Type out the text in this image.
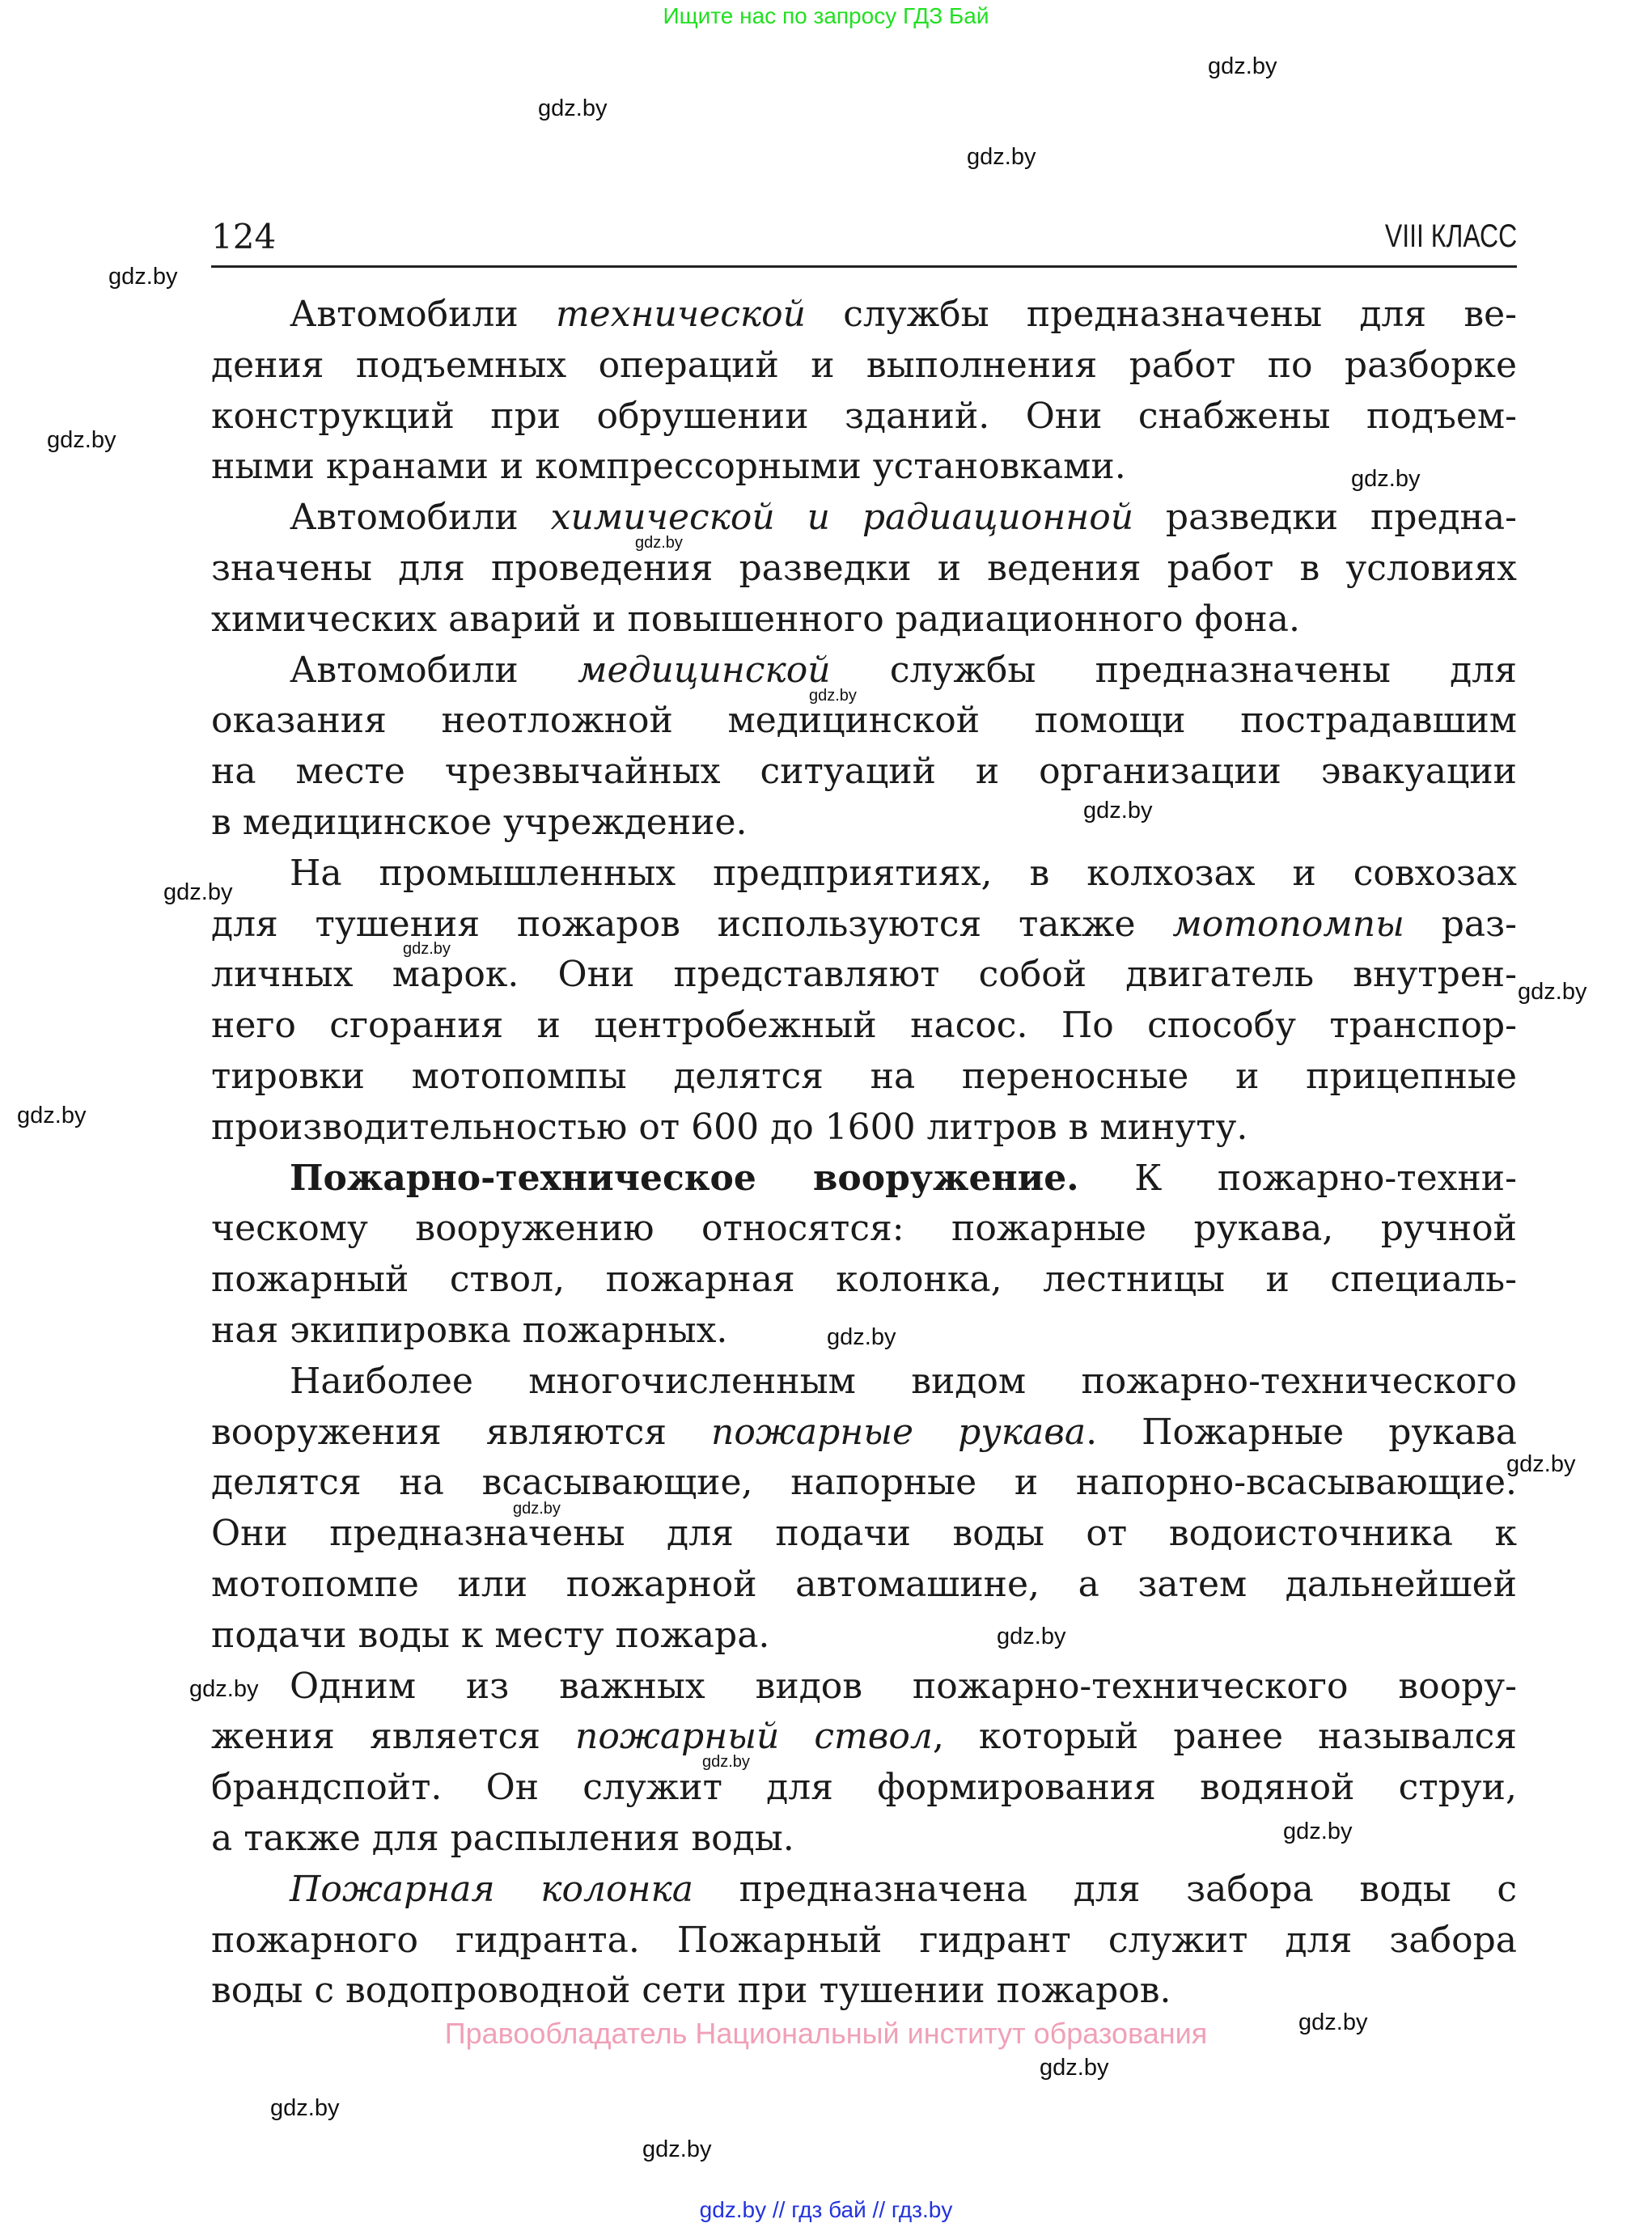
Ищите нас по запросу ГДЗ Бай
124	VIII КЛАСС
Автомобили технической службы предназначены для ве-
дения подъемных операций и выполнения работ по разборке
конструкций при обрушении зданий. Они снабжены подъем-
ными кранами и компрессорными установками.
Автомобили химической и радиационной разведки предна-
значены для проведения разведки и ведения работ в условиях
химических аварий и повышенного радиационного фона.
Автомобили медицинской службы предназначены для
оказания неотложной медицинской помощи пострадавшим
на месте чрезвычайных ситуаций и организации эвакуации
в медицинское учреждение.
На промышленных предприятиях, в колхозах и совхозах
для тушения пожаров используются также мотопомпы раз-
личных марок. Они представляют собой двигатель внутрен-
него сгорания и центробежный насос. По способу транспор-
тировки мотопомпы делятся на переносные и прицепные
производительностью от 600 до 1600 литров в минуту.
Пожарно-техническое вооружение. К пожарно-техни-
ческому вооружению относятся: пожарные рукава, ручной
пожарный ствол, пожарная колонка, лестницы и специаль-
ная экипировка пожарных.
Наиболее многочисленным видом пожарно-технического
вооружения являются пожарные рукава. Пожарные рукава
делятся на всасывающие, напорные и напорно-всасывающие.
Они предназначены для подачи воды от водоисточника к
мотопомпе или пожарной автомашине, а затем дальнейшей
подачи воды к месту пожара.
Одним из важных видов пожарно-технического воору-
жения является пожарный ствол, который ранее назывался
брандспойт. Он служит для формирования водяной струи,
а также для распыления воды.
Пожарная колонка предназначена для забора воды с
пожарного гидранта. Пожарный гидрант служит для забора
воды с водопроводной сети при тушении пожаров.
Правообладатель Национальный институт образования
gdz.by // гдз бай // гдз.by
gdz.by
gdz.by
gdz.by
gdz.by
gdz.by
gdz.by
gdz.by
gdz.by
gdz.by
gdz.by
gdz.by
gdz.by
gdz.by
gdz.by
gdz.by
gdz.by
gdz.by
gdz.by
gdz.by
gdz.by
gdz.by
gdz.by
gdz.by
gdz.by
